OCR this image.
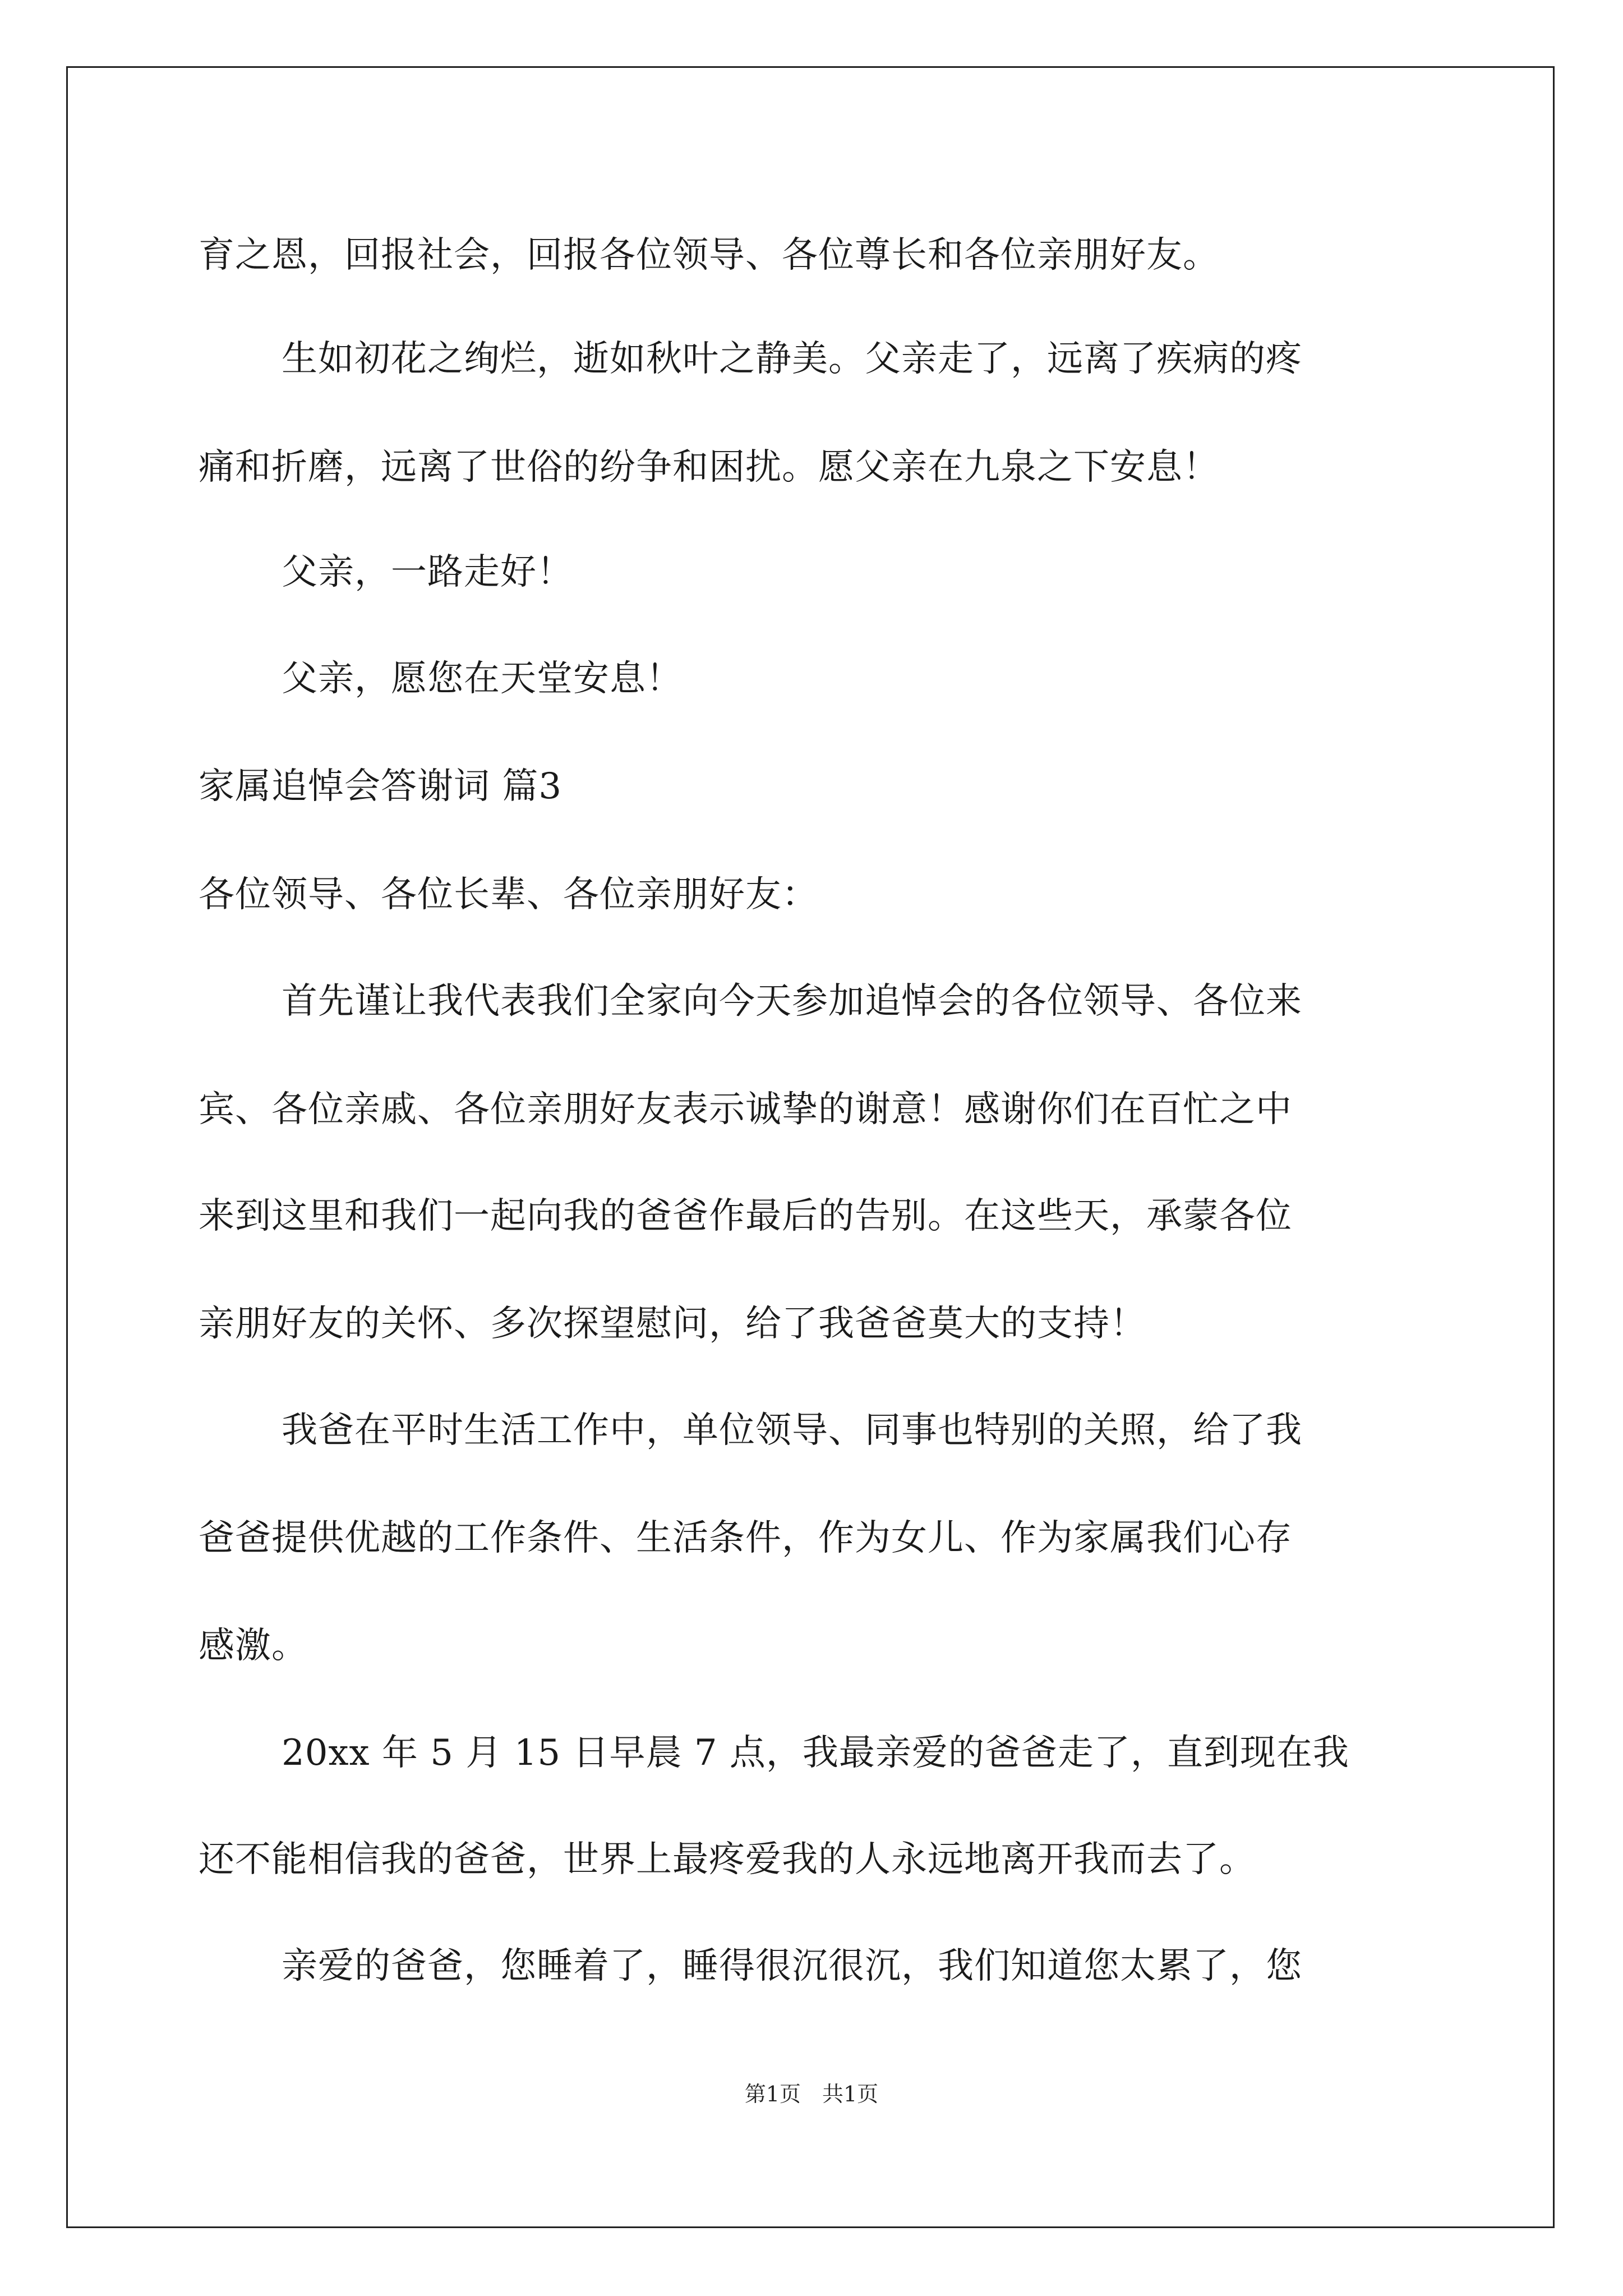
育之恩，回报社会，回报各位领导、各位尊长和各位亲朋好友。
生如初花之绚烂，逝如秋叶之静美。父亲走了，远离了疾病的疼
痛和折磨，远离了世俗的纷争和困扰。愿父亲在九泉之下安息！
父亲，一路走好！
父亲，愿您在天堂安息！
家属追悼会答谢词 篇3
各位领导、各位长辈、各位亲朋好友：
首先谨让我代表我们全家向今天参加追悼会的各位领导、各位来
宾、各位亲戚、各位亲朋好友表示诚挚的谢意！感谢你们在百忙之中
来到这里和我们一起向我的爸爸作最后的告别。在这些天，承蒙各位
亲朋好友的关怀、多次探望慰问，给了我爸爸莫大的支持！
我爸在平时生活工作中，单位领导、同事也特别的关照，给了我
爸爸提供优越的工作条件、生活条件，作为女儿、作为家属我们心存
感激。
20xx 年 5 月 15 日早晨 7 点，我最亲爱的爸爸走了，直到现在我
还不能相信我的爸爸，世界上最疼爱我的人永远地离开我而去了。
亲爱的爸爸，您睡着了，睡得很沉很沉，我们知道您太累了，您
第1页　共1页
